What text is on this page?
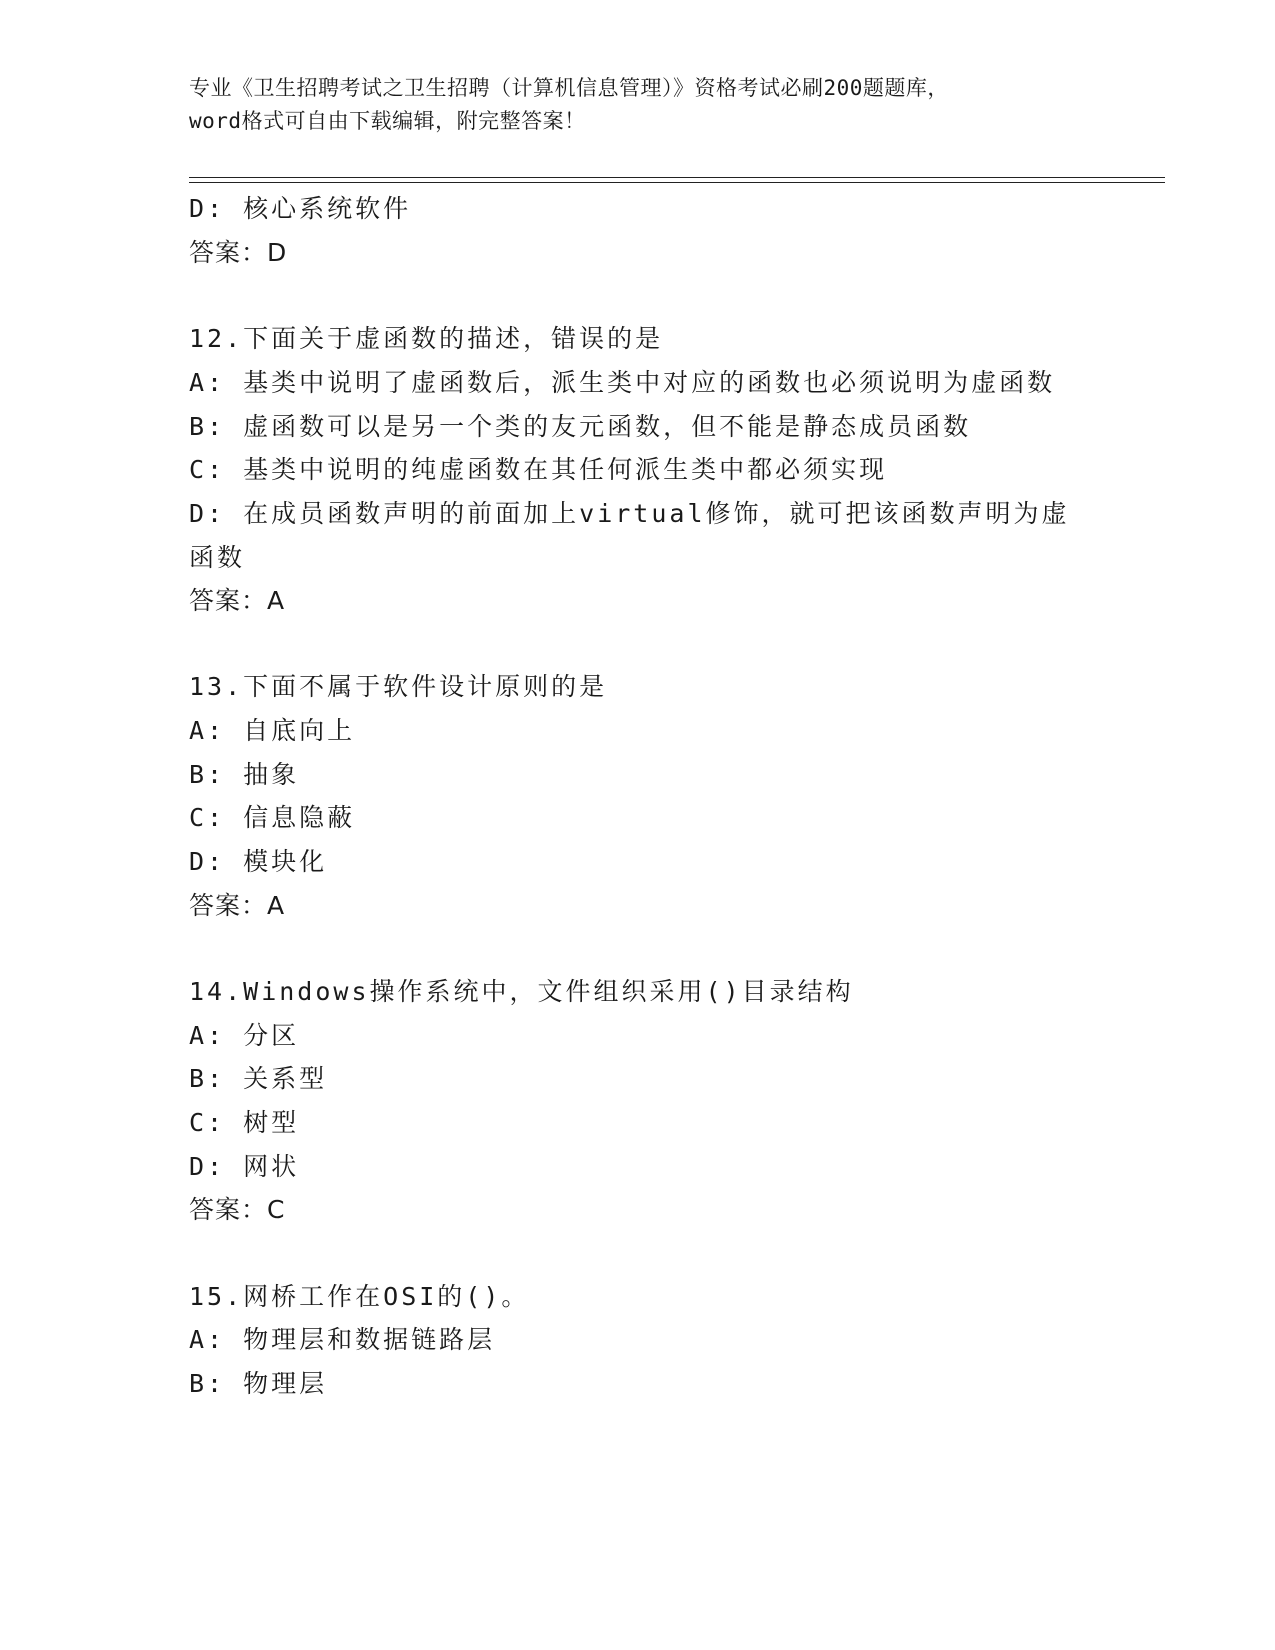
专业《卫生招聘考试之卫生招聘（计算机信息管理）》资格考试必刷200题题库，
word格式可自由下载编辑，附完整答案！
D: 核心系统软件
答案：D
12.下面关于虚函数的描述，错误的是
A: 基类中说明了虚函数后，派生类中对应的函数也必须说明为虚函数
B: 虚函数可以是另一个类的友元函数，但不能是静态成员函数
C: 基类中说明的纯虚函数在其任何派生类中都必须实现
D: 在成员函数声明的前面加上virtual修饰，就可把该函数声明为虚
函数
答案：A
13.下面不属于软件设计原则的是
A: 自底向上
B: 抽象
C: 信息隐蔽
D: 模块化
答案：A
14.Windows操作系统中，文件组织采用()目录结构
A: 分区
B: 关系型
C: 树型
D: 网状
答案：C
15.网桥工作在OSI的()。
A: 物理层和数据链路层
B: 物理层
